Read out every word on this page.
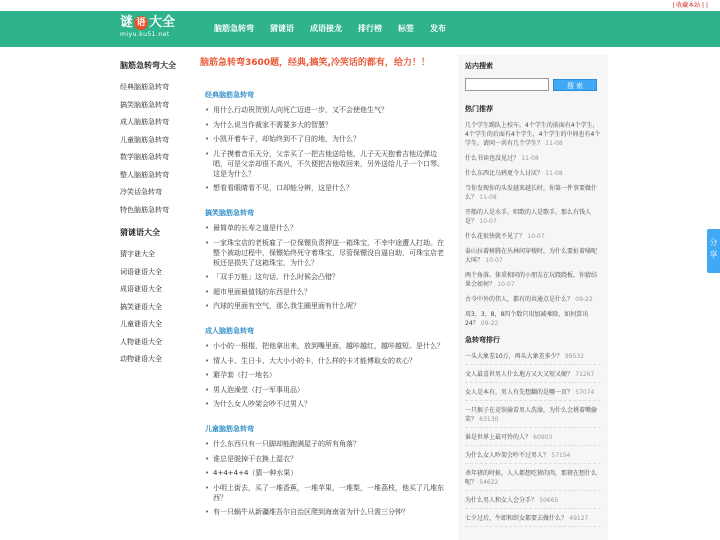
| 收藏本站 | |
谜 语 大全
miyu.ku51.net
脑筋急转弯	猜谜语	成语接龙	排行榜	标签	发布
脑筋急转弯大全
经典脑筋急转弯
搞笑脑筋急转弯
成人脑筋急转弯
儿童脑筋急转弯
数学脑筋急转弯
整人脑筋急转弯
冷笑话急转弯
特色脑筋急转弯
猜谜语大全
猜字谜大全
词语谜语大全
成语谜语大全
搞笑谜语大全
儿童谜语大全
人物谜语大全
动物谜语大全
脑筋急转弯3600题，经典,搞笑,冷笑话的都有，给力！！
经典脑筋急转弯
• 用什么行动祝贺别人向死亡迈进一步，又不会使他生气？
• 为什么说当作裁家不需要多大的智慧？
• 小凯开着车子，却始终到不了目的地，为什么？
• 儿子摸着音乐天分，父亲买了一把吉他送给他，儿子天天抱着吉他边弹边唱，可是父亲却很不高兴，不久便把吉他收回来，另外送给儿子一个口琴。这是为什么？
• 想看看眼睛看不见，口却能分辨，这是什么？
搞笑脑筋急转弯
• 最简单的长寿之道是什么？
• 一家珠宝店的老板雇了一位保镖负责押送一箱珠宝，不幸中途遭人打劫。在整个被劫过程中，保镖始终死守着珠宝，尽管保镖没自逼自助，可珠宝店老板还是损失了这箱珠宝，为什么？
• 「双手万能」这句话，什么时候会凸错？
• 超市里面最值钱的东西是什么？
• 汽球的里面有空气，那么我生圈里面有什么呢？
成人脑筋急转弯
• 小小的一根棍，把他拿出来，放到嘴里面，越咔越红，越咔越短。是什么？
• 情人卡、生日卡、大大小小的卡，什么样的卡才能博取女的欢心？
• 避孕套（打一地名）
• 男人泡澡堂（打一军事用品）
• 为什么女人吵架会吵不过男人？
儿童脑筋急转弯
• 什么东西只有一只脚却能跑满屋子的所有角落？
• 谁总是脱掉干衣换上湿衣？
• 4+4+4+4（猜一种水果）
• 小明上街去，买了一堆香蕉，一堆苹果，一堆梨，一堆荔枝，他买了几堆东西？
• 有一只蜗牛从新疆维吾尔自治区爬到海南省为什么只需三分钟？
站内搜索
搜 索
热门推荐
几个学生踢队上校车。4个学生的前面有4个学生，4个学生的后面有4个学生，4个学生的中间也有4个学生。请问一共有几个学生？ 11-08
什么书读也没见过？ 11-08
什么东西比乌鸦更令人讨厌？ 11-08
当你发现你的头发越来越长时，你第一件事要做什么？ 11-08
开船的人是水手，唱歌的人是歌手，那么有钱人是？ 10-07
什么花很快就不见了？ 10-07
泰山拉着树腾在丛林间穿梭时，为什么要扯着嗓呢大叫？ 10-07
两个角落。体重相同的小朋友在玩跷跷板，你猜结果会如何？ 10-07
古今中外的伟人，都有的共通点是什么？ 09-22
用3，3，8，8四个数只用加减乘除，如何算出24？ 09-22
急转弯排行
一头大象差10万，再头大象差多少？ 99532
文人最喜世男人什么地方又大又短又硬？ 71267
女人是本有，男人有先想翻的是哪一页？ 57074
一只猴子在竞馆偷看男人洗澡，为什么会挑着嘴偷笑？ 63130
谁是世界上最可怜的人？ 60903
为什么女人吵架会吵不过男人？ 57154
杀年猪的时候，人人都想吃猪的肉，那猪在想什么呢？ 54622
为什么男人和女人会分手？ 50665
七夕过后，牛郎和织女都要去做什么？ 49127
分
享
